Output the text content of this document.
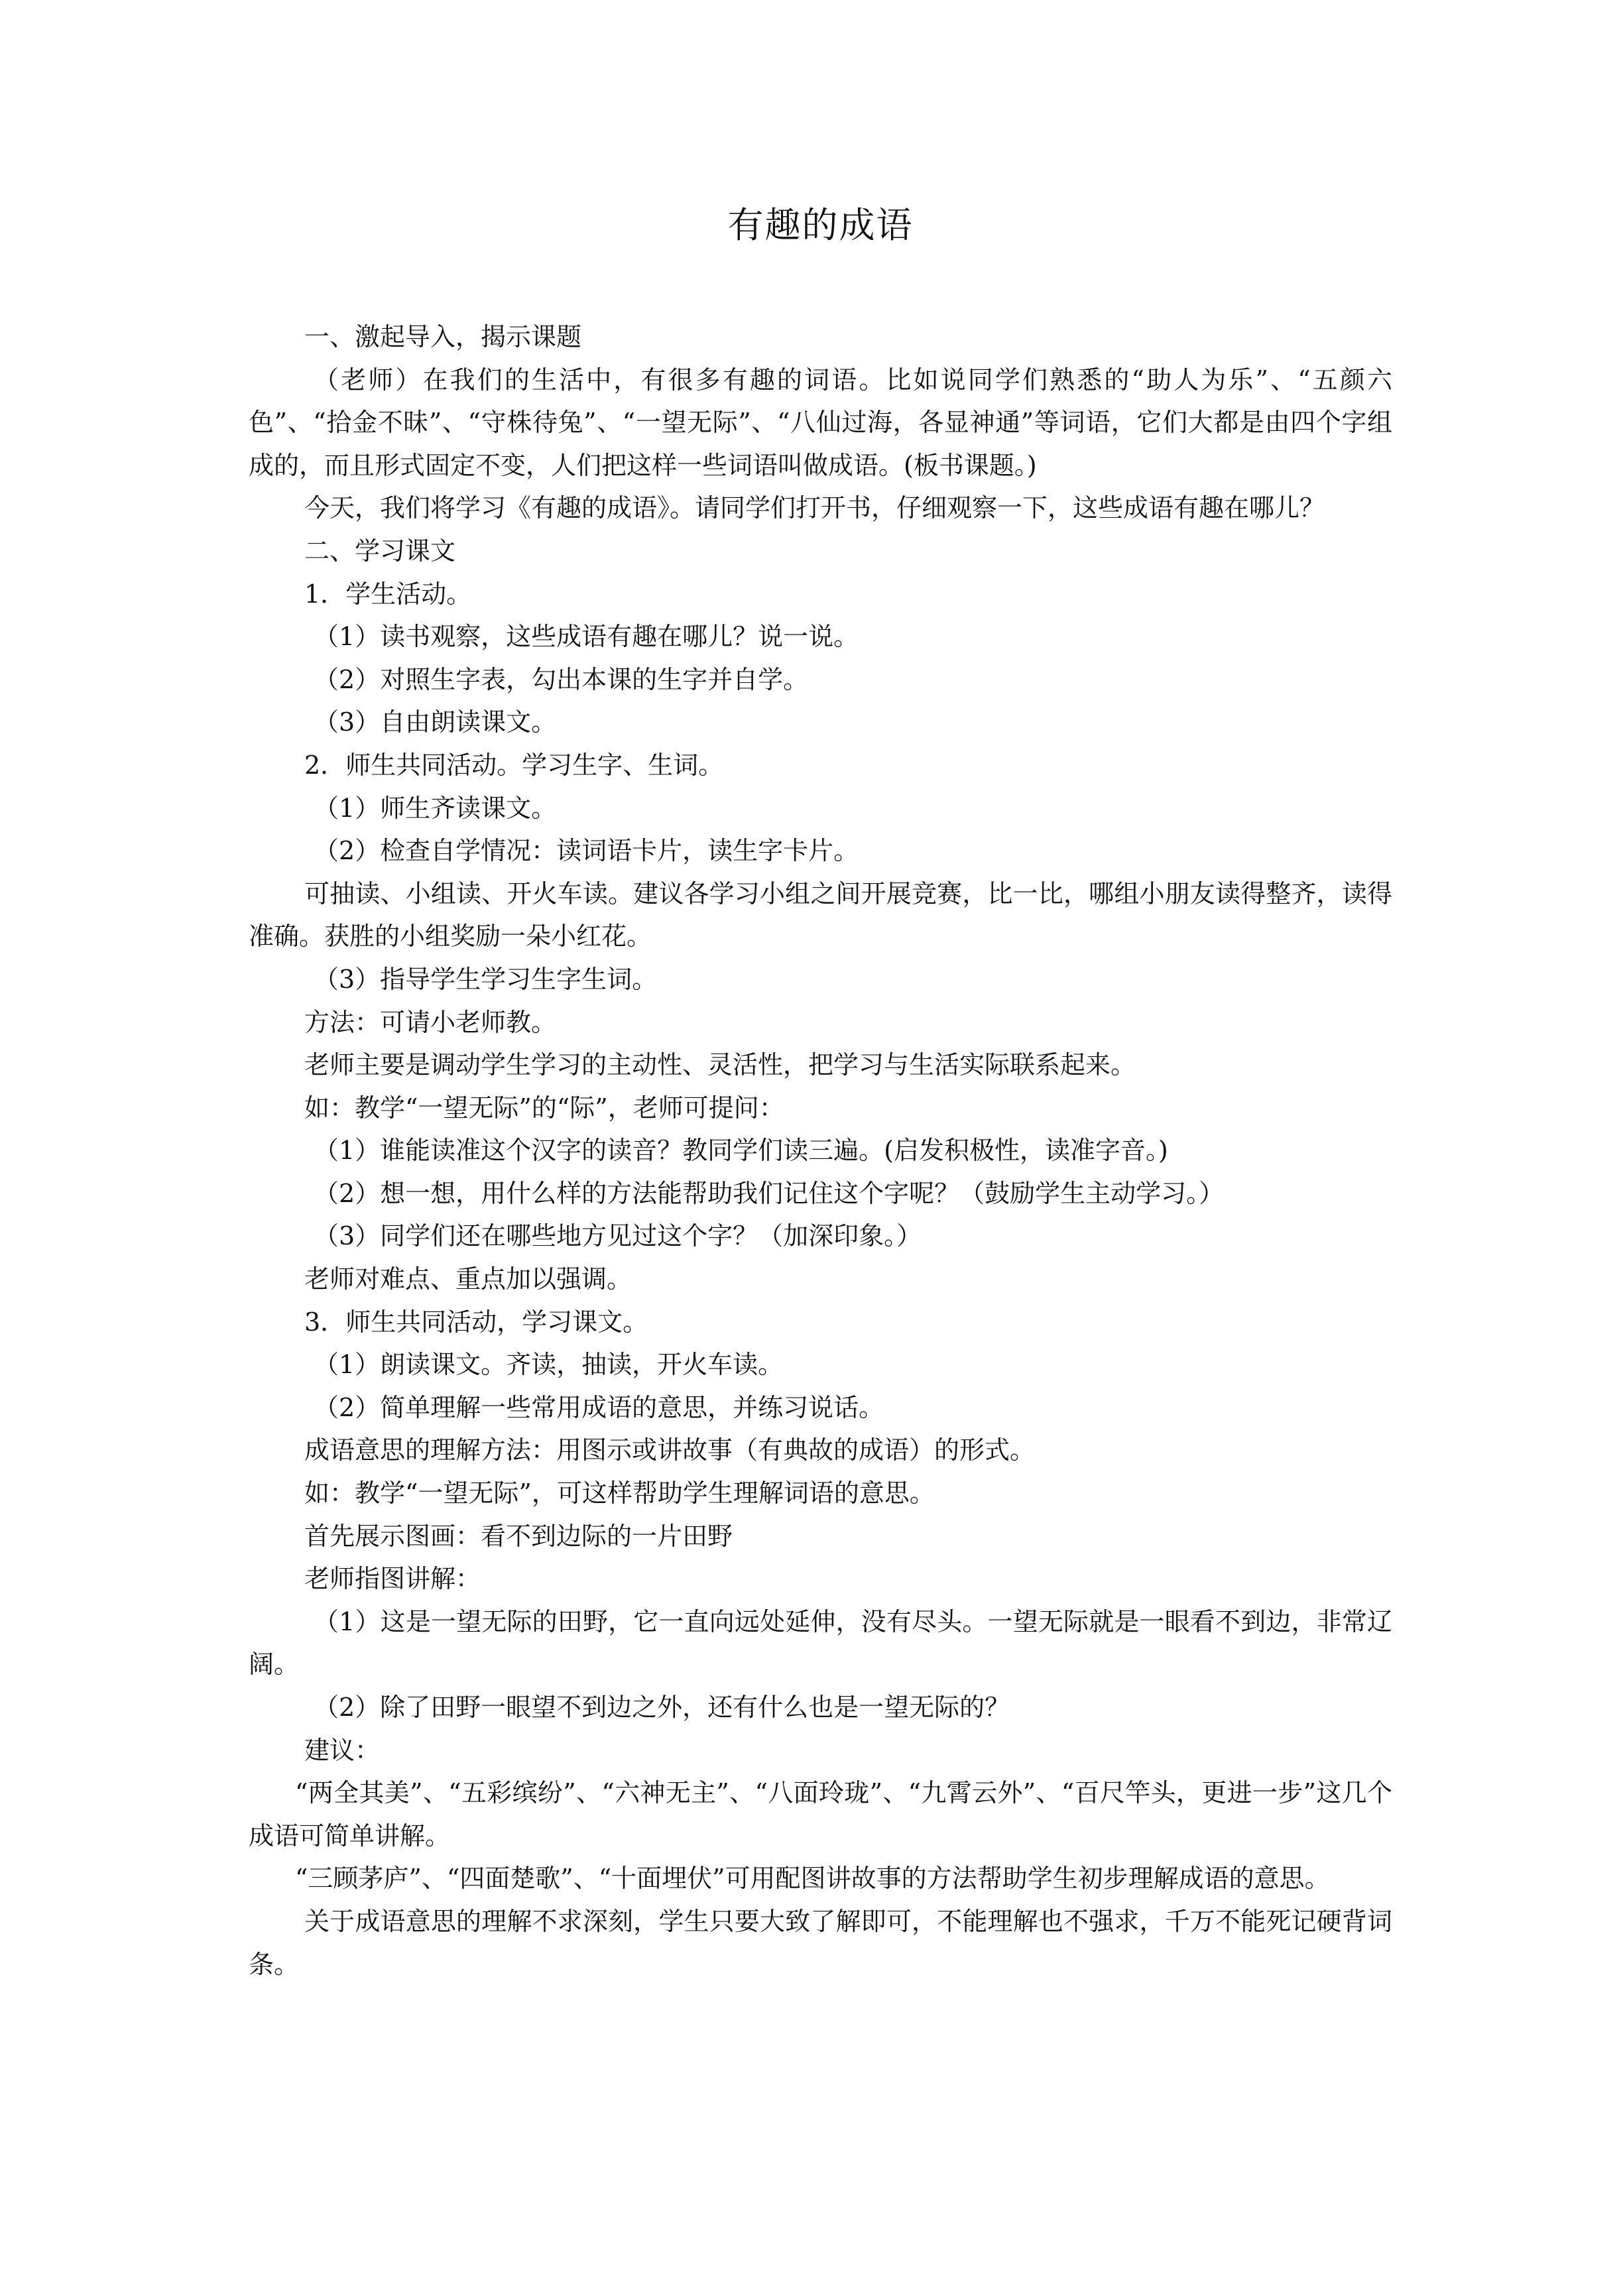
有趣的成语

一、激起导入，揭示课题

（老师）在我们的生活中，有很多有趣的词语。比如说同学们熟悉的“助人为乐”、“五颜六色”、“拾金不昧”、“守株待兔”、“一望无际”、“八仙过海，各显神通”等词语，它们大都是由四个字组成的，而且形式固定不变，人们把这样一些词语叫做成语。(板书课题。)

今天，我们将学习《有趣的成语》。请同学们打开书，仔细观察一下，这些成语有趣在哪儿？

二、学习课文

1．学生活动。

（1）读书观察，这些成语有趣在哪儿？说一说。

（2）对照生字表，勾出本课的生字并自学。

（3）自由朗读课文。

2．师生共同活动。学习生字、生词。

（1）师生齐读课文。

（2）检查自学情况：读词语卡片，读生字卡片。

可抽读、小组读、开火车读。建议各学习小组之间开展竞赛，比一比，哪组小朋友读得整齐，读得准确。获胜的小组奖励一朵小红花。

（3）指导学生学习生字生词。

方法：可请小老师教。

老师主要是调动学生学习的主动性、灵活性，把学习与生活实际联系起来。

如：教学“一望无际”的“际”，老师可提问：

（1）谁能读准这个汉字的读音？教同学们读三遍。(启发积极性，读准字音。)

（2）想一想，用什么样的方法能帮助我们记住这个字呢？（鼓励学生主动学习。）

（3）同学们还在哪些地方见过这个字？（加深印象。）

老师对难点、重点加以强调。

3．师生共同活动，学习课文。

（1）朗读课文。齐读，抽读，开火车读。

（2）简单理解一些常用成语的意思，并练习说话。

成语意思的理解方法：用图示或讲故事（有典故的成语）的形式。

如：教学“一望无际”，可这样帮助学生理解词语的意思。

首先展示图画：看不到边际的一片田野

老师指图讲解：

（1）这是一望无际的田野，它一直向远处延伸，没有尽头。一望无际就是一眼看不到边，非常辽阔。

（2）除了田野一眼望不到边之外，还有什么也是一望无际的？

建议：

“两全其美”、“五彩缤纷”、“六神无主”、“八面玲珑”、“九霄云外”、“百尺竿头，更进一步”这几个成语可简单讲解。

“三顾茅庐”、“四面楚歌”、“十面埋伏”可用配图讲故事的方法帮助学生初步理解成语的意思。

关于成语意思的理解不求深刻，学生只要大致了解即可，不能理解也不强求，千万不能死记硬背词条。
